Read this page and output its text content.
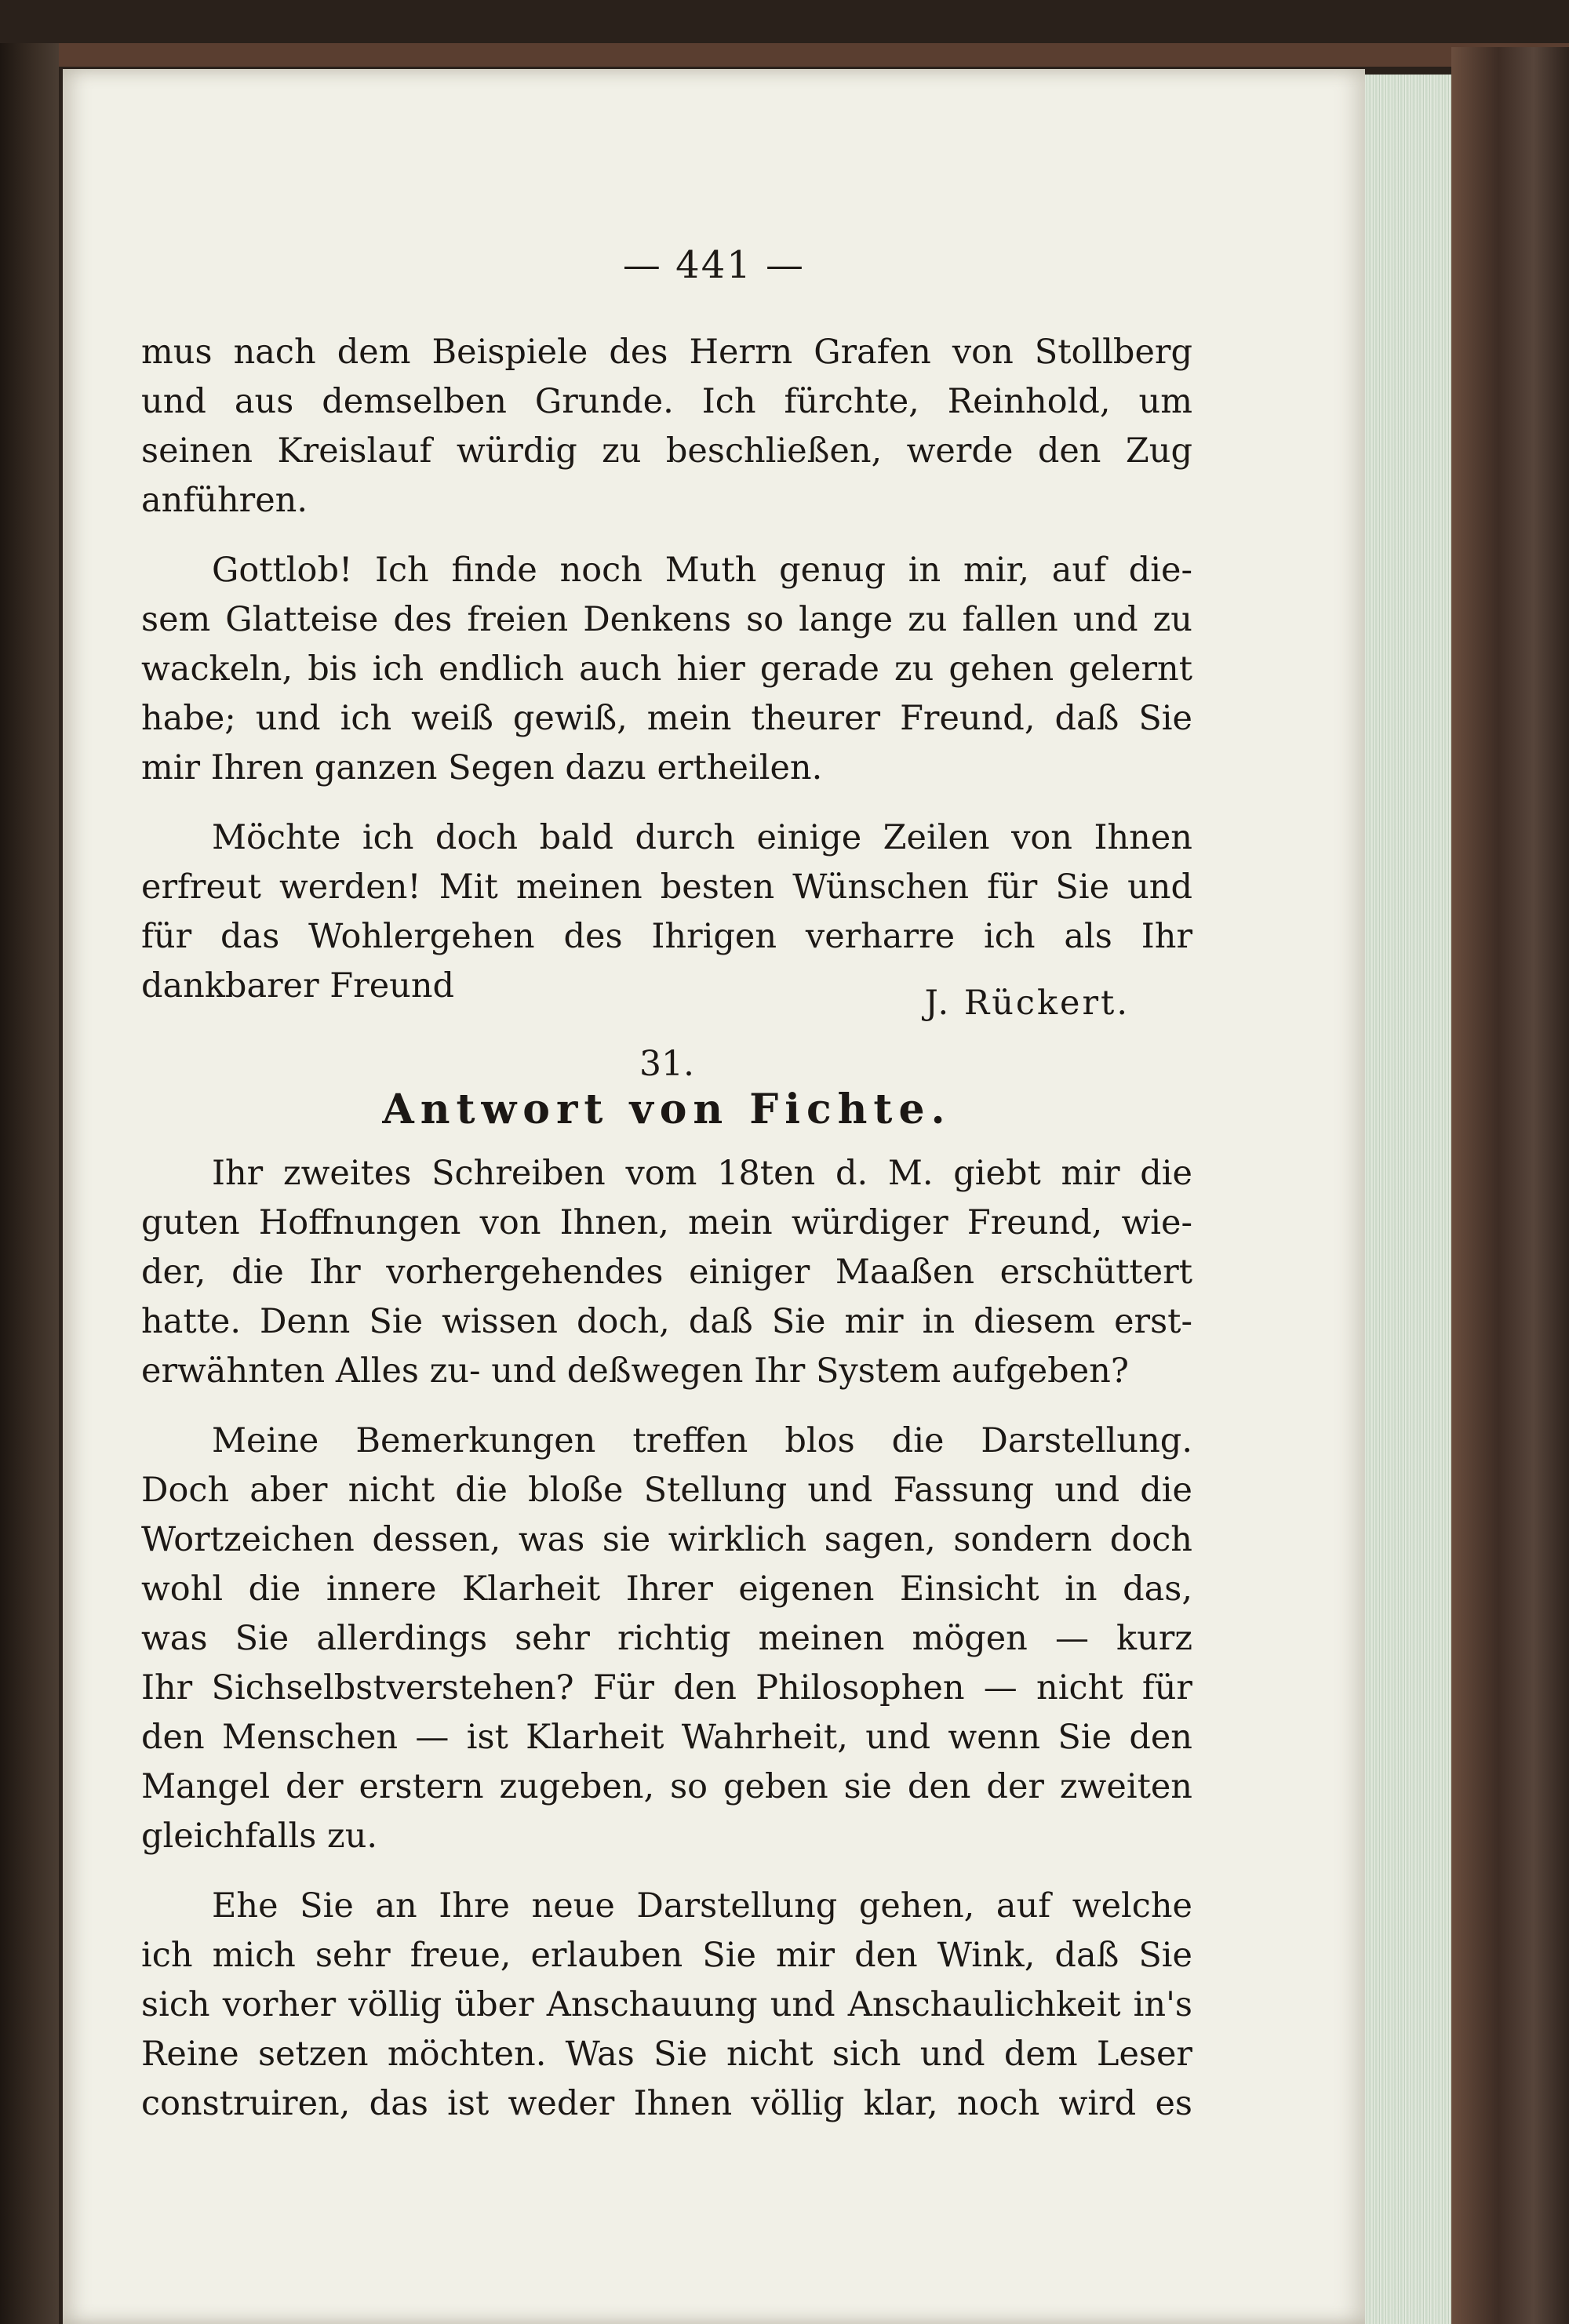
— 441 —

mus nach dem Beispiele des Herrn Grafen von Stollberg

und aus demselben Grunde. Ich fürchte, Reinhold, um

seinen Kreislauf würdig zu beschließen, werde den Zug

anführen.

Gottlob! Ich finde noch Muth genug in mir, auf die-

sem Glatteise des freien Denkens so lange zu fallen und zu

wackeln, bis ich endlich auch hier gerade zu gehen gelernt

habe; und ich weiß gewiß, mein theurer Freund, daß Sie

mir Ihren ganzen Segen dazu ertheilen.

Möchte ich doch bald durch einige Zeilen von Ihnen

erfreut werden! Mit meinen besten Wünschen für Sie und

für das Wohlergehen des Ihrigen verharre ich als Ihr

dankbarer Freund	J. Rückert.
31.
Antwort von Fichte.

Ihr zweites Schreiben vom 18ten d. M. giebt mir die

guten Hoffnungen von Ihnen, mein würdiger Freund, wie-

der, die Ihr vorhergehendes einiger Maaßen erschüttert

hatte. Denn Sie wissen doch, daß Sie mir in diesem erst-

erwähnten Alles zu- und deßwegen Ihr System aufgeben?

Meine Bemerkungen treffen blos die Darstellung.

Doch aber nicht die bloße Stellung und Fassung und die

Wortzeichen dessen, was sie wirklich sagen, sondern doch

wohl die innere Klarheit Ihrer eigenen Einsicht in das,

was Sie allerdings sehr richtig meinen mögen — kurz

Ihr Sichselbstverstehen? Für den Philosophen — nicht für

den Menschen — ist Klarheit Wahrheit, und wenn Sie den

Mangel der erstern zugeben, so geben sie den der zweiten

gleichfalls zu.

Ehe Sie an Ihre neue Darstellung gehen, auf welche

ich mich sehr freue, erlauben Sie mir den Wink, daß Sie

sich vorher völlig über Anschauung und Anschaulichkeit in's

Reine setzen möchten. Was Sie nicht sich und dem Leser

construiren, das ist weder Ihnen völlig klar, noch wird es
